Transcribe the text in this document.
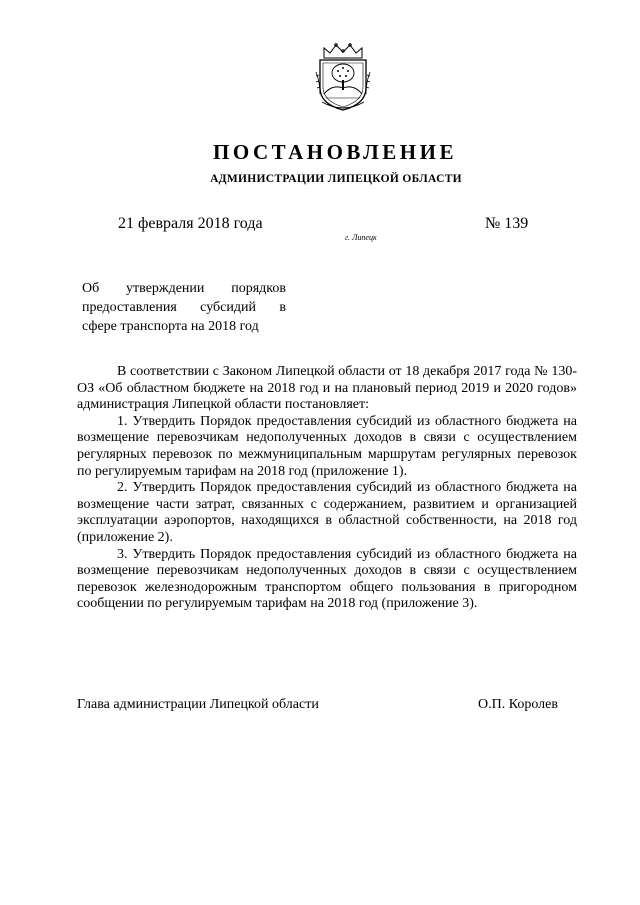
ПОСТАНОВЛЕНИЕ
АДМИНИСТРАЦИИ ЛИПЕЦКОЙ ОБЛАСТИ
21 февраля 2018 года
г. Липецк
№ 139
Об утверждении порядков
предоставления субсидий в
сфере транспорта на 2018 год

В соответствии с Законом Липецкой области от 18 декабря 2017 года № 130-ОЗ «Об областном бюджете на 2018 год и на плановый период 2019 и 2020 годов» администрация Липецкой области постановляет:

1. Утвердить Порядок предоставления субсидий из областного бюджета на возмещение перевозчикам недополученных доходов в связи с осуществлением регулярных перевозок по межмуниципальным маршрутам регулярных перевозок по регулируемым тарифам на 2018 год (приложение 1).

2. Утвердить Порядок предоставления субсидий из областного бюджета на возмещение части затрат, связанных с содержанием, развитием и организацией эксплуатации аэропортов, находящихся в областной собственности, на 2018 год (приложение 2).

3. Утвердить Порядок предоставления субсидий из областного бюджета на возмещение перевозчикам недополученных доходов в связи с осуществлением перевозок железнодорожным транспортом общего пользования в пригородном сообщении по регулируемым тарифам на 2018 год (приложение 3).

Глава администрации Липецкой области	О.П. Королев
